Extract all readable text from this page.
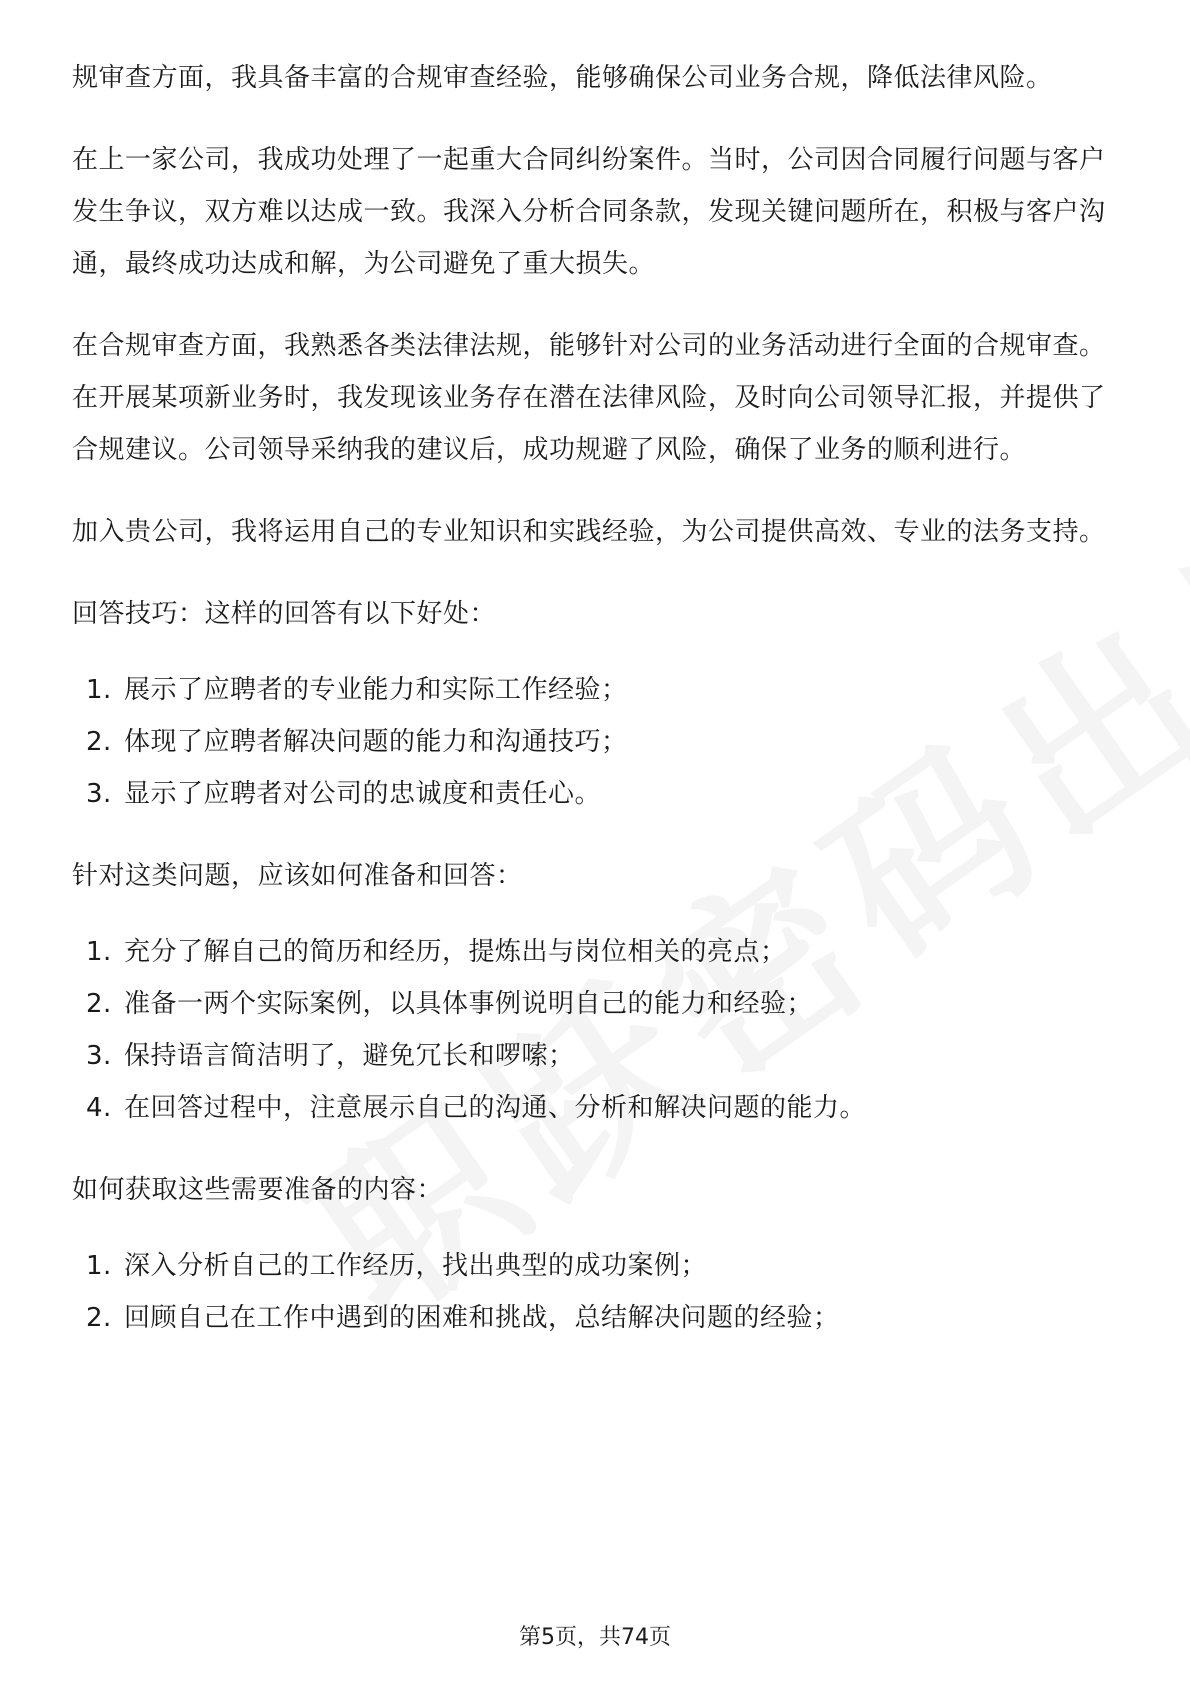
规审查方面，我具备丰富的合规审查经验，能够确保公司业务合规，降低法律风险。

在上一家公司，我成功处理了一起重大合同纠纷案件。当时，公司因合同履行问题与客户发生争议，双方难以达成一致。我深入分析合同条款，发现关键问题所在，积极与客户沟通，最终成功达成和解，为公司避免了重大损失。

在合规审查方面，我熟悉各类法律法规，能够针对公司的业务活动进行全面的合规审查。在开展某项新业务时，我发现该业务存在潜在法律风险，及时向公司领导汇报，并提供了合规建议。公司领导采纳我的建议后，成功规避了风险，确保了业务的顺利进行。

加入贵公司，我将运用自己的专业知识和实践经验，为公司提供高效、专业的法务支持。

回答技巧：这样的回答有以下好处：

1. 展示了应聘者的专业能力和实际工作经验；
2. 体现了应聘者解决问题的能力和沟通技巧；
3. 显示了应聘者对公司的忠诚度和责任心。

针对这类问题，应该如何准备和回答：

1. 充分了解自己的简历和经历，提炼出与岗位相关的亮点；
2. 准备一两个实际案例，以具体事例说明自己的能力和经验；
3. 保持语言简洁明了，避免冗长和啰嗦；
4. 在回答过程中，注意展示自己的沟通、分析和解决问题的能力。

如何获取这些需要准备的内容：

1. 深入分析自己的工作经历，找出典型的成功案例；
2. 回顾自己在工作中遇到的困难和挑战，总结解决问题的经验；
第5页，共74页
